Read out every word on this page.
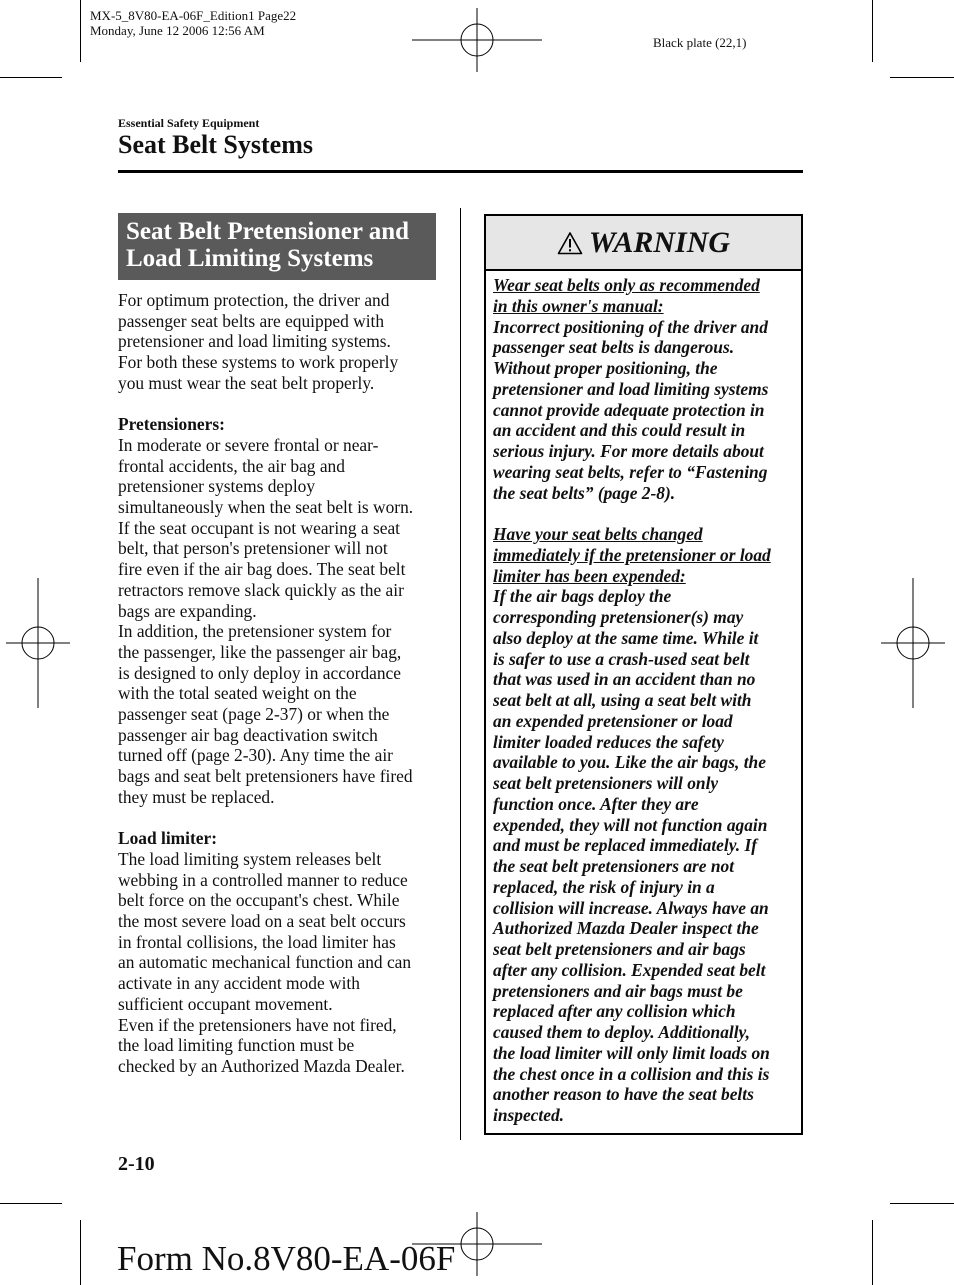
MX-5_8V80-EA-06F_Edition1 Page22
Monday, June 12 2006 12:56 AM
Black plate (22,1)
Essential Safety Equipment
Seat Belt Systems
Seat Belt Pretensioner and
Load Limiting Systems
For optimum protection, the driver and
passenger seat belts are equipped with
pretensioner and load limiting systems.
For both these systems to work properly
you must wear the seat belt properly.
Pretensioners:
In moderate or severe frontal or near-
frontal accidents, the air bag and
pretensioner systems deploy
simultaneously when the seat belt is worn.
If the seat occupant is not wearing a seat
belt, that person's pretensioner will not
fire even if the air bag does. The seat belt
retractors remove slack quickly as the air
bags are expanding.
In addition, the pretensioner system for
the passenger, like the passenger air bag,
is designed to only deploy in accordance
with the total seated weight on the
passenger seat (page 2-37) or when the
passenger air bag deactivation switch
turned off (page 2-30). Any time the air
bags and seat belt pretensioners have fired
they must be replaced.
Load limiter:
The load limiting system releases belt
webbing in a controlled manner to reduce
belt force on the occupant's chest. While
the most severe load on a seat belt occurs
in frontal collisions, the load limiter has
an automatic mechanical function and can
activate in any accident mode with
sufficient occupant movement.
Even if the pretensioners have not fired,
the load limiting function must be
checked by an Authorized Mazda Dealer.
WARNING
Wear seat belts only as recommended
in this owner's manual:
Incorrect positioning of the driver and
passenger seat belts is dangerous.
Without proper positioning, the
pretensioner and load limiting systems
cannot provide adequate protection in
an accident and this could result in
serious injury. For more details about
wearing seat belts, refer to “Fastening
the seat belts” (page 2-8).
Have your seat belts changed
immediately if the pretensioner or load
limiter has been expended:
If the air bags deploy the
corresponding pretensioner(s) may
also deploy at the same time. While it
is safer to use a crash-used seat belt
that was used in an accident than no
seat belt at all, using a seat belt with
an expended pretensioner or load
limiter loaded reduces the safety
available to you. Like the air bags, the
seat belt pretensioners will only
function once. After they are
expended, they will not function again
and must be replaced immediately. If
the seat belt pretensioners are not
replaced, the risk of injury in a
collision will increase. Always have an
Authorized Mazda Dealer inspect the
seat belt pretensioners and air bags
after any collision. Expended seat belt
pretensioners and air bags must be
replaced after any collision which
caused them to deploy. Additionally,
the load limiter will only limit loads on
the chest once in a collision and this is
another reason to have the seat belts
inspected.
2-10
Form No.8V80-EA-06F
